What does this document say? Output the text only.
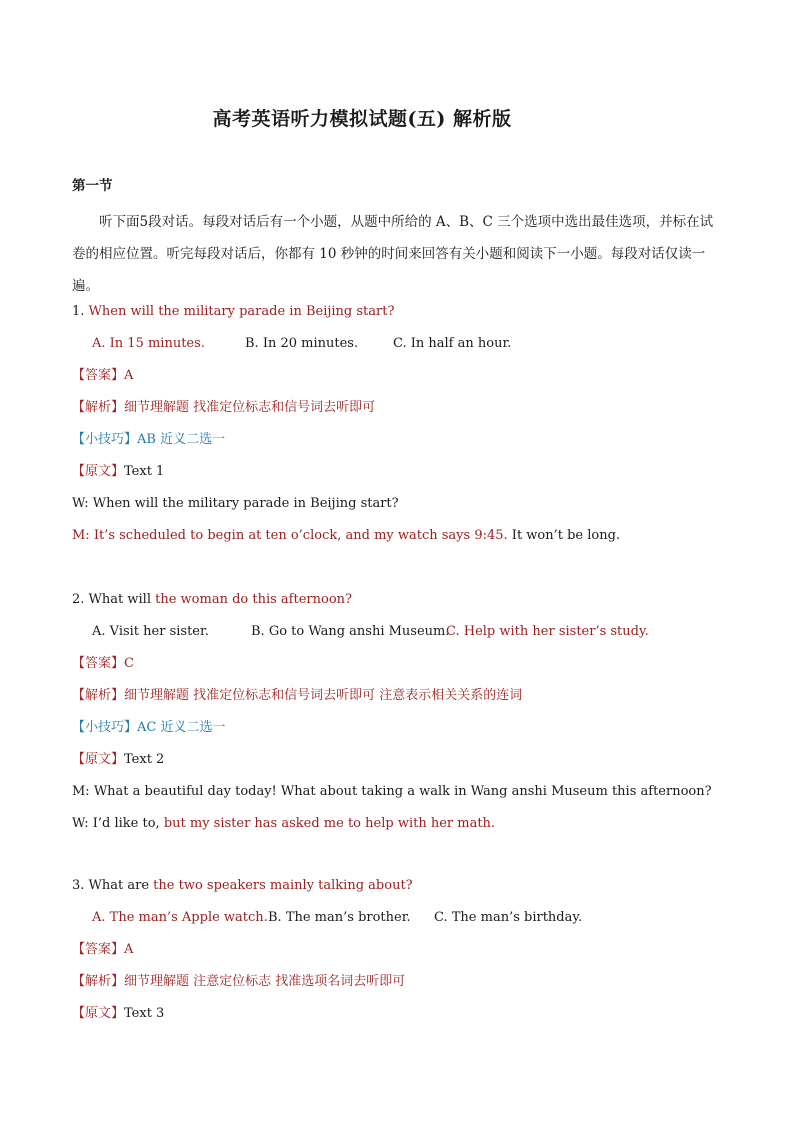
高考英语听力模拟试题(五) 解析版
第一节
听下面5段对话。每段对话后有一个小题，从题中所给的 A、B、C 三个选项中选出最佳选项，并标在试卷的相应位置。听完每段对话后，你都有 10 秒钟的时间来回答有关小题和阅读下一小题。每段对话仅读一遍。
1. When will the military parade in Beijing start?
A. In 15 minutes.	B. In 20 minutes.	C. In half an hour.
【答案】A
【解析】细节理解题 找准定位标志和信号词去听即可
【小技巧】AB 近义二选一
【原文】Text 1
W: When will the military parade in Beijing start?
M: It’s scheduled to begin at ten o’clock, and my watch says 9:45. It won’t be long.
2. What will the woman do this afternoon?
A. Visit her sister.	B. Go to Wang anshi Museum.C. Help with her sister’s study.
【答案】C
【解析】细节理解题 找准定位标志和信号词去听即可 注意表示相关关系的连词
【小技巧】AC 近义二选一
【原文】Text 2
M: What a beautiful day today! What about taking a walk in Wang anshi Museum this afternoon?
W: I’d like to, but my sister has asked me to help with her math.
3. What are the two speakers mainly talking about?
A. The man’s Apple watch.B. The man’s brother. C. The man’s birthday.
【答案】A
【解析】细节理解题 注意定位标志 找准选项名词去听即可
【原文】Text 3
